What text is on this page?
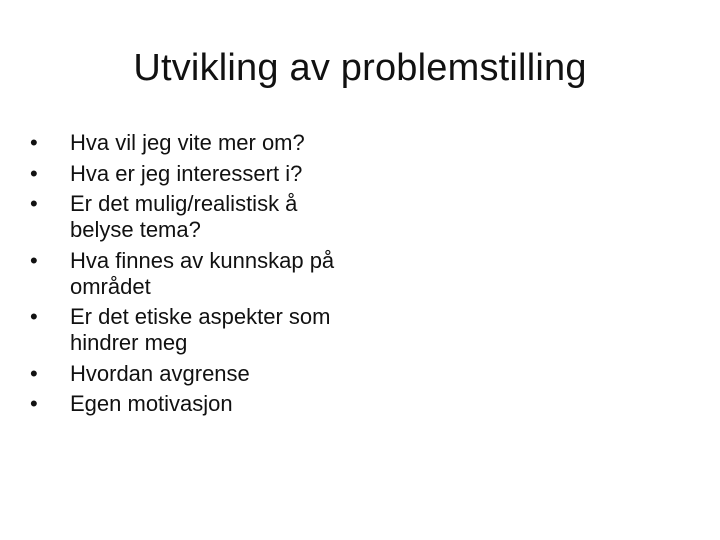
Utvikling av problemstilling
•	Hva vil jeg vite mer om?
•	Hva er jeg interessert i?
•	Er det mulig/realistisk å belyse tema?
•	Hva finnes av kunnskap på området
•	Er det etiske aspekter som hindrer meg
•	Hvordan avgrense
•	Egen motivasjon
